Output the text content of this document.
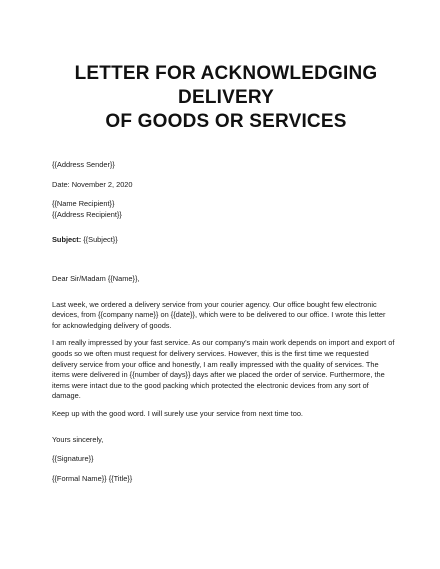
LETTER FOR ACKNOWLEDGING DELIVERY
OF GOODS OR SERVICES
{{Address Sender}}
Date: November 2, 2020
{{Name Recipient}}
{{Address Recipient}}
Subject: {{Subject}}
Dear Sir/Madam {{Name}},
Last week, we ordered a delivery service from your courier agency. Our office bought few electronic
devices, from {{company name}} on {{date}}, which were to be delivered to our office. I wrote this letter
for acknowledging delivery of goods.
I am really impressed by your fast service. As our company’s main work depends on import and export of
goods so we often must request for delivery services. However, this is the first time we requested
delivery service from your office and honestly, I am really impressed with the quality of services. The
items were delivered in {{number of days}} days after we placed the order of service. Furthermore, the
items were intact due to the good packing which protected the electronic devices from any sort of
damage.
Keep up with the good word. I will surely use your service from next time too.
Yours sincerely,
{{Signature}}
{{Formal Name}} {{Title}}
